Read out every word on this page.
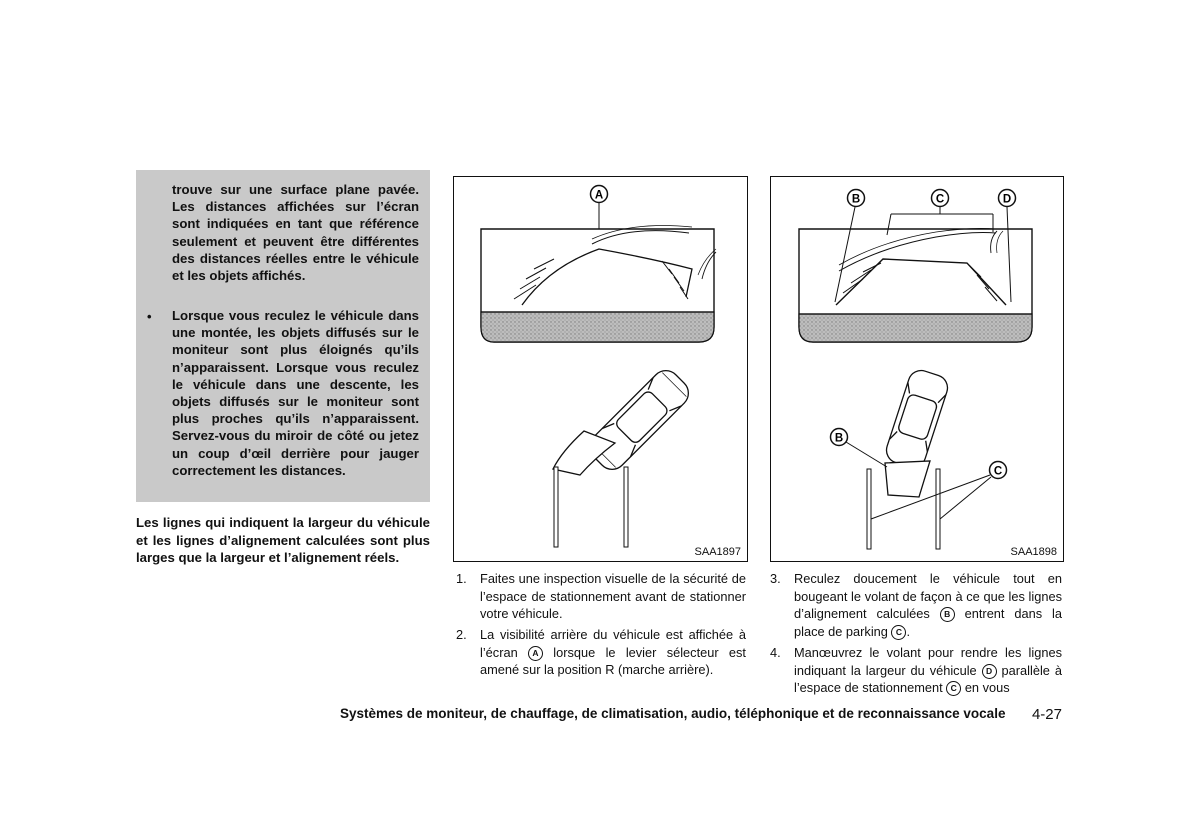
trouve sur une surface plane pavée. Les distances affichées sur l’écran sont indiquées en tant que référence seulement et peuvent être différentes des distances réelles entre le véhicule et les objets affichés.

• Lorsque vous reculez le véhicule dans une montée, les objets diffusés sur le moniteur sont plus éloignés qu’ils n’apparaissent. Lorsque vous reculez le véhicule dans une descente, les objets diffusés sur le moniteur sont plus proches qu’ils n’apparaissent. Servez-vous du miroir de côté ou jetez un coup d’œil derrière pour jauger correctement les distances.

Les lignes qui indiquent la largeur du véhicule et les lignes d’alignement calculées sont plus larges que la largeur et l’alignement réels.

A
SAA1897
B	C	D
B
C
SAA1898
1. Faites une inspection visuelle de la sécurité de l’espace de stationnement avant de stationner votre véhicule.
2. La visibilité arrière du véhicule est affichée à l’écran A lorsque le levier sélecteur est amené sur la position R (marche arrière).
3. Reculez doucement le véhicule tout en bougeant le volant de façon à ce que les lignes d’alignement calculées B entrent dans la place de parking C .
4. Manœuvrez le volant pour rendre les lignes indiquant la largeur du véhicule D parallèle à l’espace de stationnement C en vous
Systèmes de moniteur, de chauffage, de climatisation, audio, téléphonique et de reconnaissance vocale 4-27
